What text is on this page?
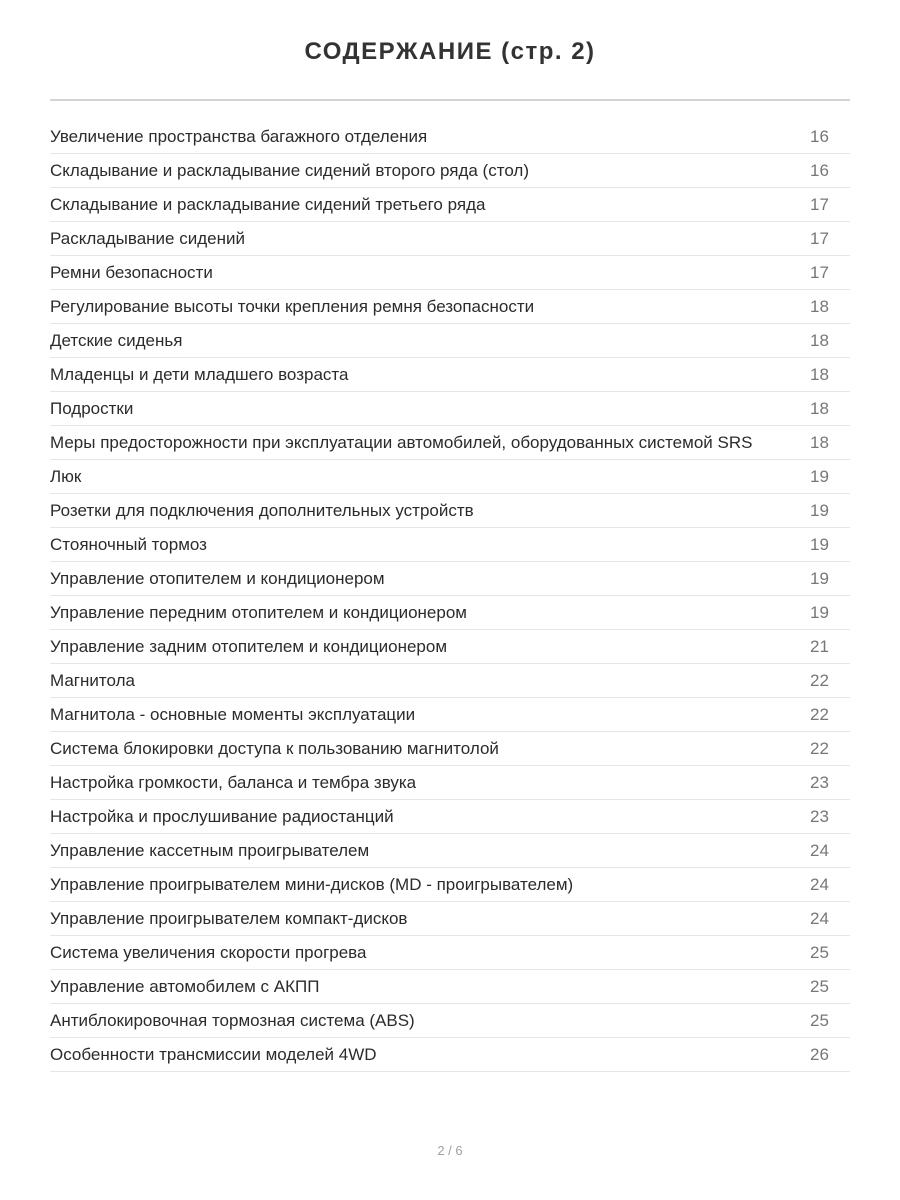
СОДЕРЖАНИЕ (стр. 2)
Увеличение пространства багажного отделения	16
Складывание и раскладывание сидений второго ряда (стол)	16
Складывание и раскладывание сидений третьего ряда	17
Раскладывание сидений	17
Ремни безопасности	17
Регулирование высоты точки крепления ремня безопасности	18
Детские сиденья	18
Младенцы и дети младшего возраста	18
Подростки	18
Меры предосторожности при эксплуатации автомобилей, оборудованных системой SRS	18
Люк	19
Розетки для подключения дополнительных устройств	19
Стояночный тормоз	19
Управление отопителем и кондиционером	19
Управление передним отопителем и кондиционером	19
Управление задним отопителем и кондиционером	21
Магнитола	22
Магнитола - основные моменты эксплуатации	22
Система блокировки доступа к пользованию магнитолой	22
Настройка громкости, баланса и тембра звука	23
Настройка и прослушивание радиостанций	23
Управление кассетным проигрывателем	24
Управление проигрывателем мини-дисков (MD - проигрывателем)	24
Управление проигрывателем компакт-дисков	24
Система увеличения скорости прогрева	25
Управление автомобилем с АКПП	25
Антиблокировочная тормозная система (ABS)	25
Особенности трансмиссии моделей 4WD	26
2 / 6
